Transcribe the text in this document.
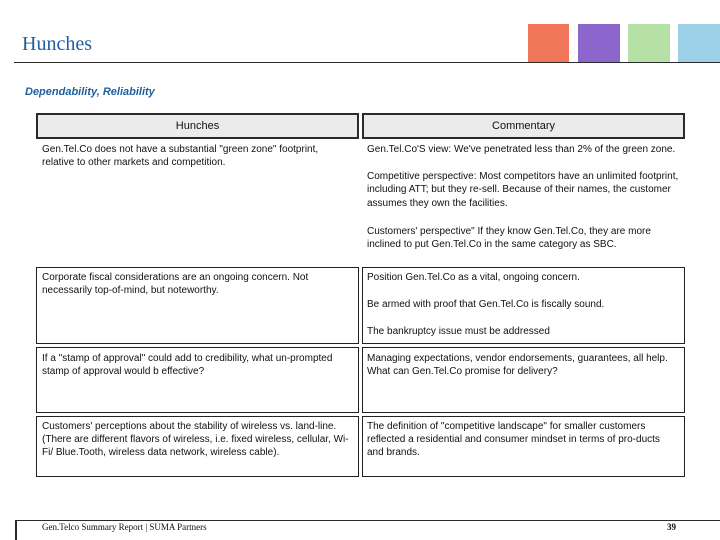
Hunches
Dependability, Reliability
Hunches	Commentary

Gen.Tel.Co does not have a substantial "green zone" footprint, relative to other markets and competition.

Gen.Tel.Co'S view: We've penetrated less than 2% of the green zone.

Competitive perspective: Most competitors have an unlimited footprint, including ATT; but they re-sell. Because of their names, the customer assumes they own the facilities.

Customers' perspective" If they know Gen.Tel.Co, they are more inclined to put Gen.Tel.Co in the same category as SBC.

Corporate fiscal considerations are an ongoing concern. Not necessarily top-of-mind, but noteworthy.

Position Gen.Tel.Co as a vital, ongoing concern.

Be armed with proof that Gen.Tel.Co is fiscally sound.

The bankruptcy issue must be addressed

If a "stamp of approval" could add to credibility, what un-prompted stamp of approval would b effective?

Managing expectations, vendor endorsements, guarantees, all help. What can Gen.Tel.Co promise for delivery?

Customers' perceptions about the stability of wireless vs. land-line. (There are different flavors of wireless, i.e. fixed wireless, cellular, Wi-Fi/ Blue.Tooth, wireless data network, wireless cable).

The definition of "competitive landscape" for smaller customers reflected a residential and consumer mindset in terms of pro-ducts and brands.

Gen.Telco Summary Report | SUMA Partners	39
